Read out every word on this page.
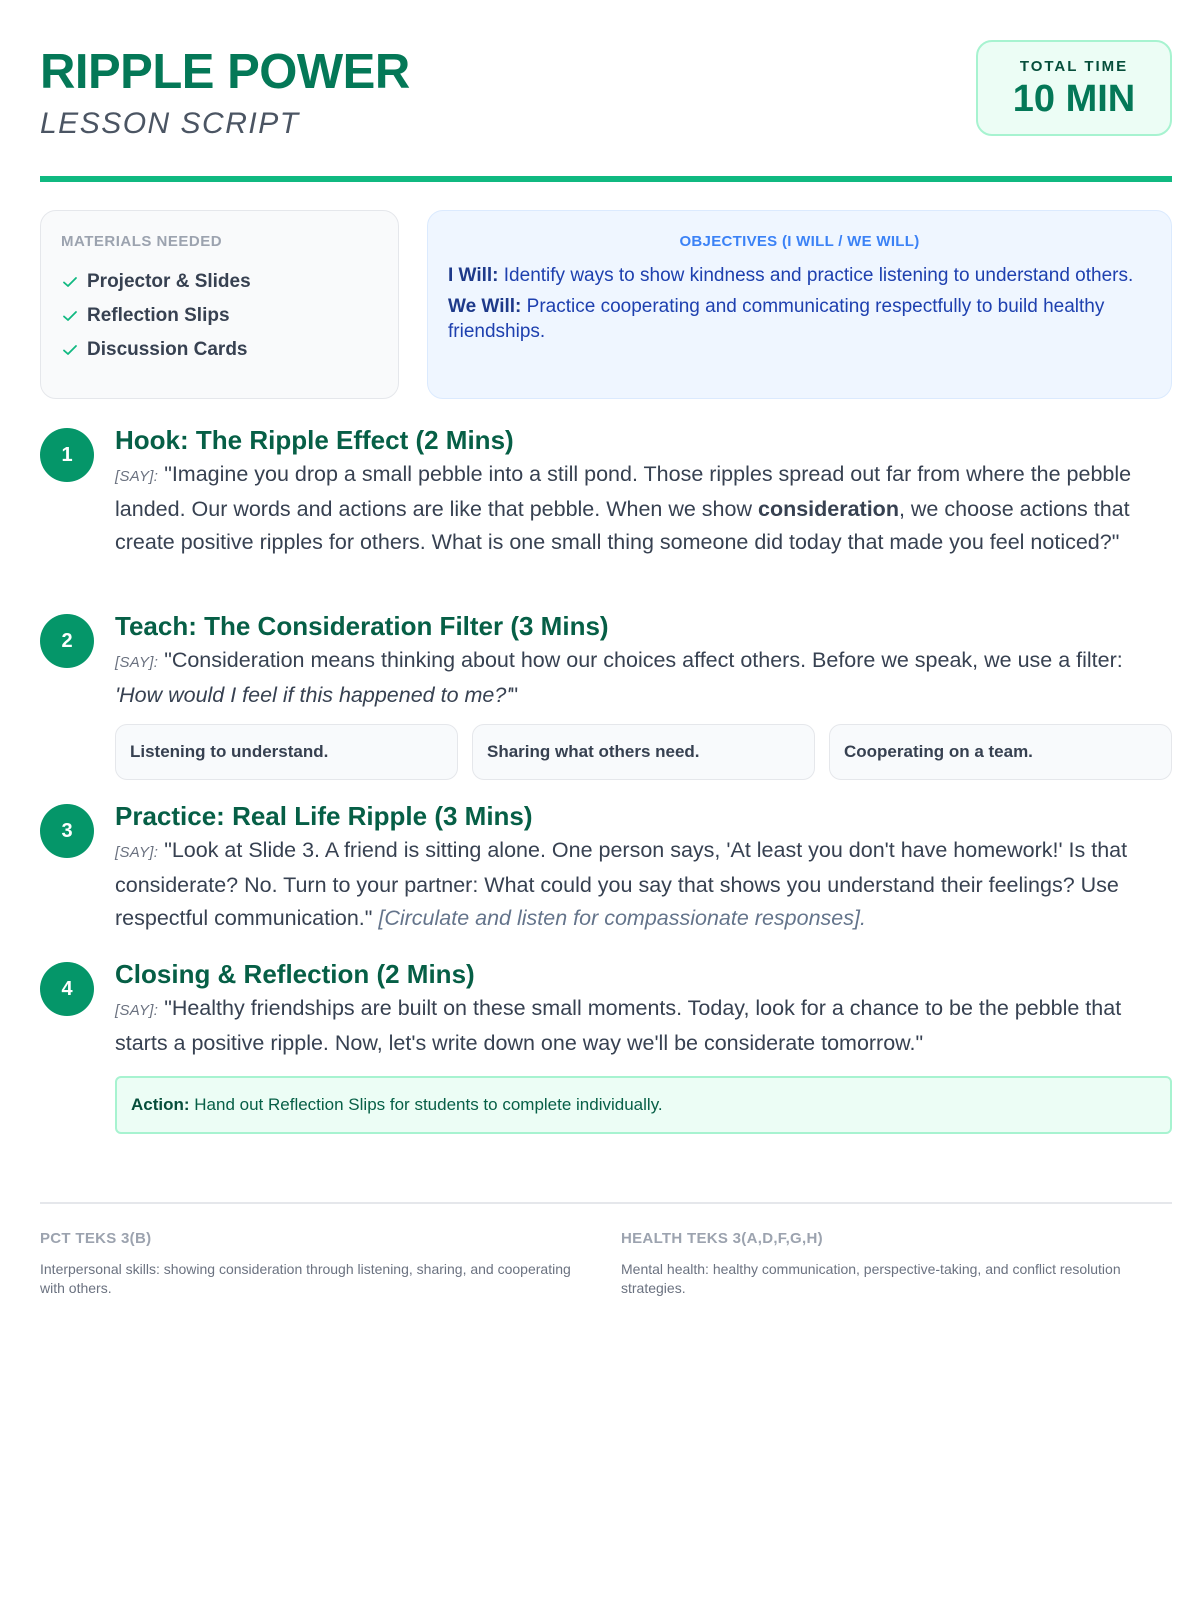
RIPPLE POWER
LESSON SCRIPT
TOTAL TIME
10 MIN
MATERIALS NEEDED
Projector & Slides
Reflection Slips
Discussion Cards
OBJECTIVES (I WILL / WE WILL)
I Will: Identify ways to show kindness and practice listening to understand others.
We Will: Practice cooperating and communicating respectfully to build healthy friendships.
1	Hook: The Ripple Effect (2 Mins)
[SAY]: "Imagine you drop a small pebble into a still pond. Those ripples spread out far from where the pebble landed. Our words and actions are like that pebble. When we show consideration, we choose actions that create positive ripples for others. What is one small thing someone did today that made you feel noticed?"
2	Teach: The Consideration Filter (3 Mins)
[SAY]: "Consideration means thinking about how our choices affect others. Before we speak, we use a filter: 'How would I feel if this happened to me?'"
Listening to understand.	Sharing what others need.	Cooperating on a team.
3	Practice: Real Life Ripple (3 Mins)
[SAY]: "Look at Slide 3. A friend is sitting alone. One person says, 'At least you don't have homework!' Is that considerate? No. Turn to your partner: What could you say that shows you understand their feelings? Use respectful communication." [Circulate and listen for compassionate responses].
4	Closing & Reflection (2 Mins)
[SAY]: "Healthy friendships are built on these small moments. Today, look for a chance to be the pebble that starts a positive ripple. Now, let's write down one way we'll be considerate tomorrow."
Action: Hand out Reflection Slips for students to complete individually.
PCT TEKS 3(B)
Interpersonal skills: showing consideration through listening, sharing, and cooperating with others.
HEALTH TEKS 3(A,D,F,G,H)
Mental health: healthy communication, perspective-taking, and conflict resolution strategies.
